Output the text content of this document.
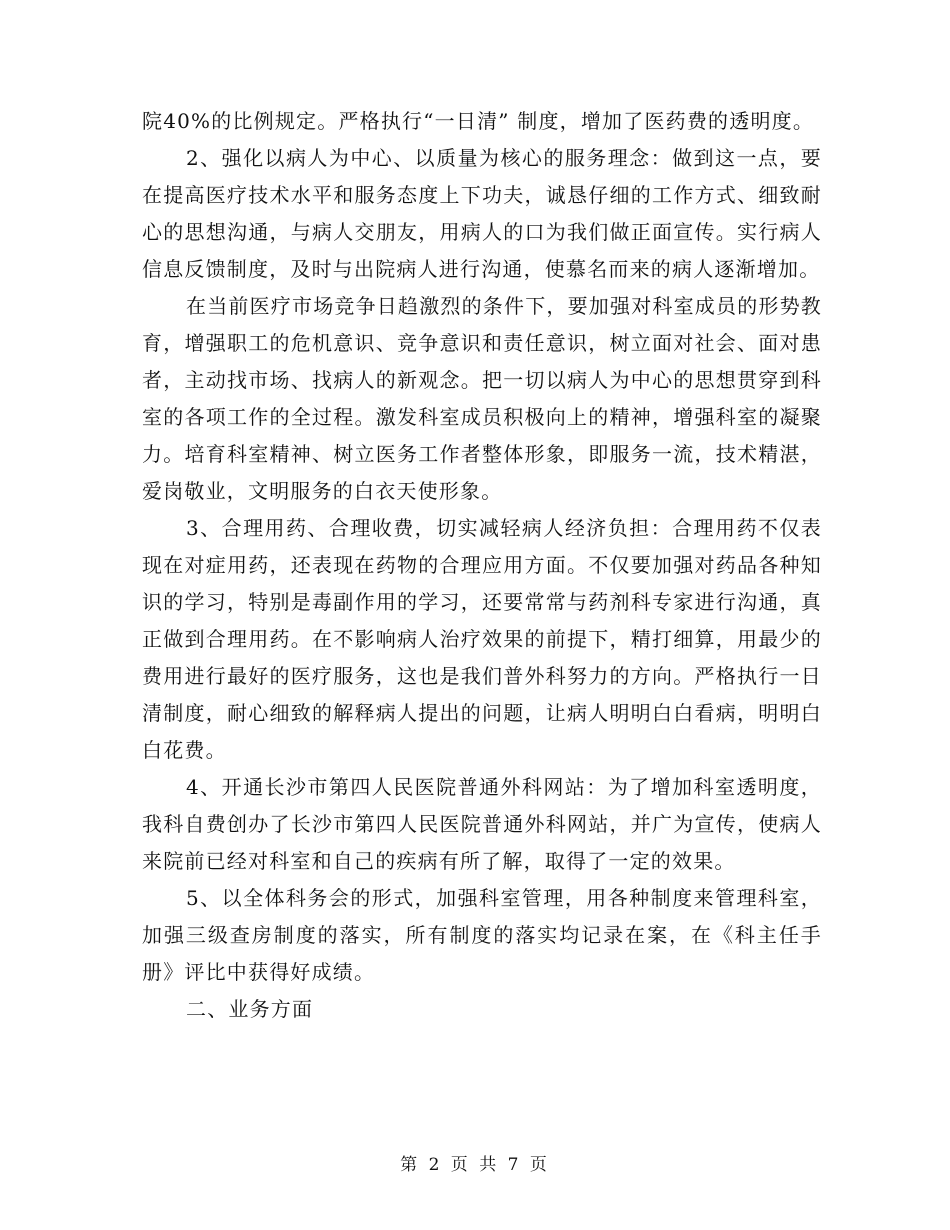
院40%的比例规定。严格执行“一日清” 制度，增加了医药费的透明度。

2、强化以病人为中心、以质量为核心的服务理念：做到这一点，要在提高医疗技术水平和服务态度上下功夫，诚恳仔细的工作方式、细致耐心的思想沟通，与病人交朋友，用病人的口为我们做正面宣传。实行病人信息反馈制度，及时与出院病人进行沟通，使慕名而来的病人逐渐增加。

在当前医疗市场竞争日趋激烈的条件下，要加强对科室成员的形势教育，增强职工的危机意识、竞争意识和责任意识，树立面对社会、面对患者，主动找市场、找病人的新观念。把一切以病人为中心的思想贯穿到科室的各项工作的全过程。激发科室成员积极向上的精神，增强科室的凝聚力。培育科室精神、树立医务工作者整体形象，即服务一流，技术精湛，爱岗敬业，文明服务的白衣天使形象。

3、合理用药、合理收费，切实减轻病人经济负担：合理用药不仅表现在对症用药，还表现在药物的合理应用方面。不仅要加强对药品各种知识的学习，特别是毒副作用的学习，还要常常与药剂科专家进行沟通，真正做到合理用药。在不影响病人治疗效果的前提下，精打细算，用最少的费用进行最好的医疗服务，这也是我们普外科努力的方向。严格执行一日清制度，耐心细致的解释病人提出的问题，让病人明明白白看病，明明白白花费。

4、开通长沙市第四人民医院普通外科网站：为了增加科室透明度，我科自费创办了长沙市第四人民医院普通外科网站，并广为宣传，使病人来院前已经对科室和自己的疾病有所了解，取得了一定的效果。

5、以全体科务会的形式，加强科室管理，用各种制度来管理科室，加强三级查房制度的落实，所有制度的落实均记录在案，在《科主任手册》评比中获得好成绩。

二、业务方面

第 2 页 共 7 页
